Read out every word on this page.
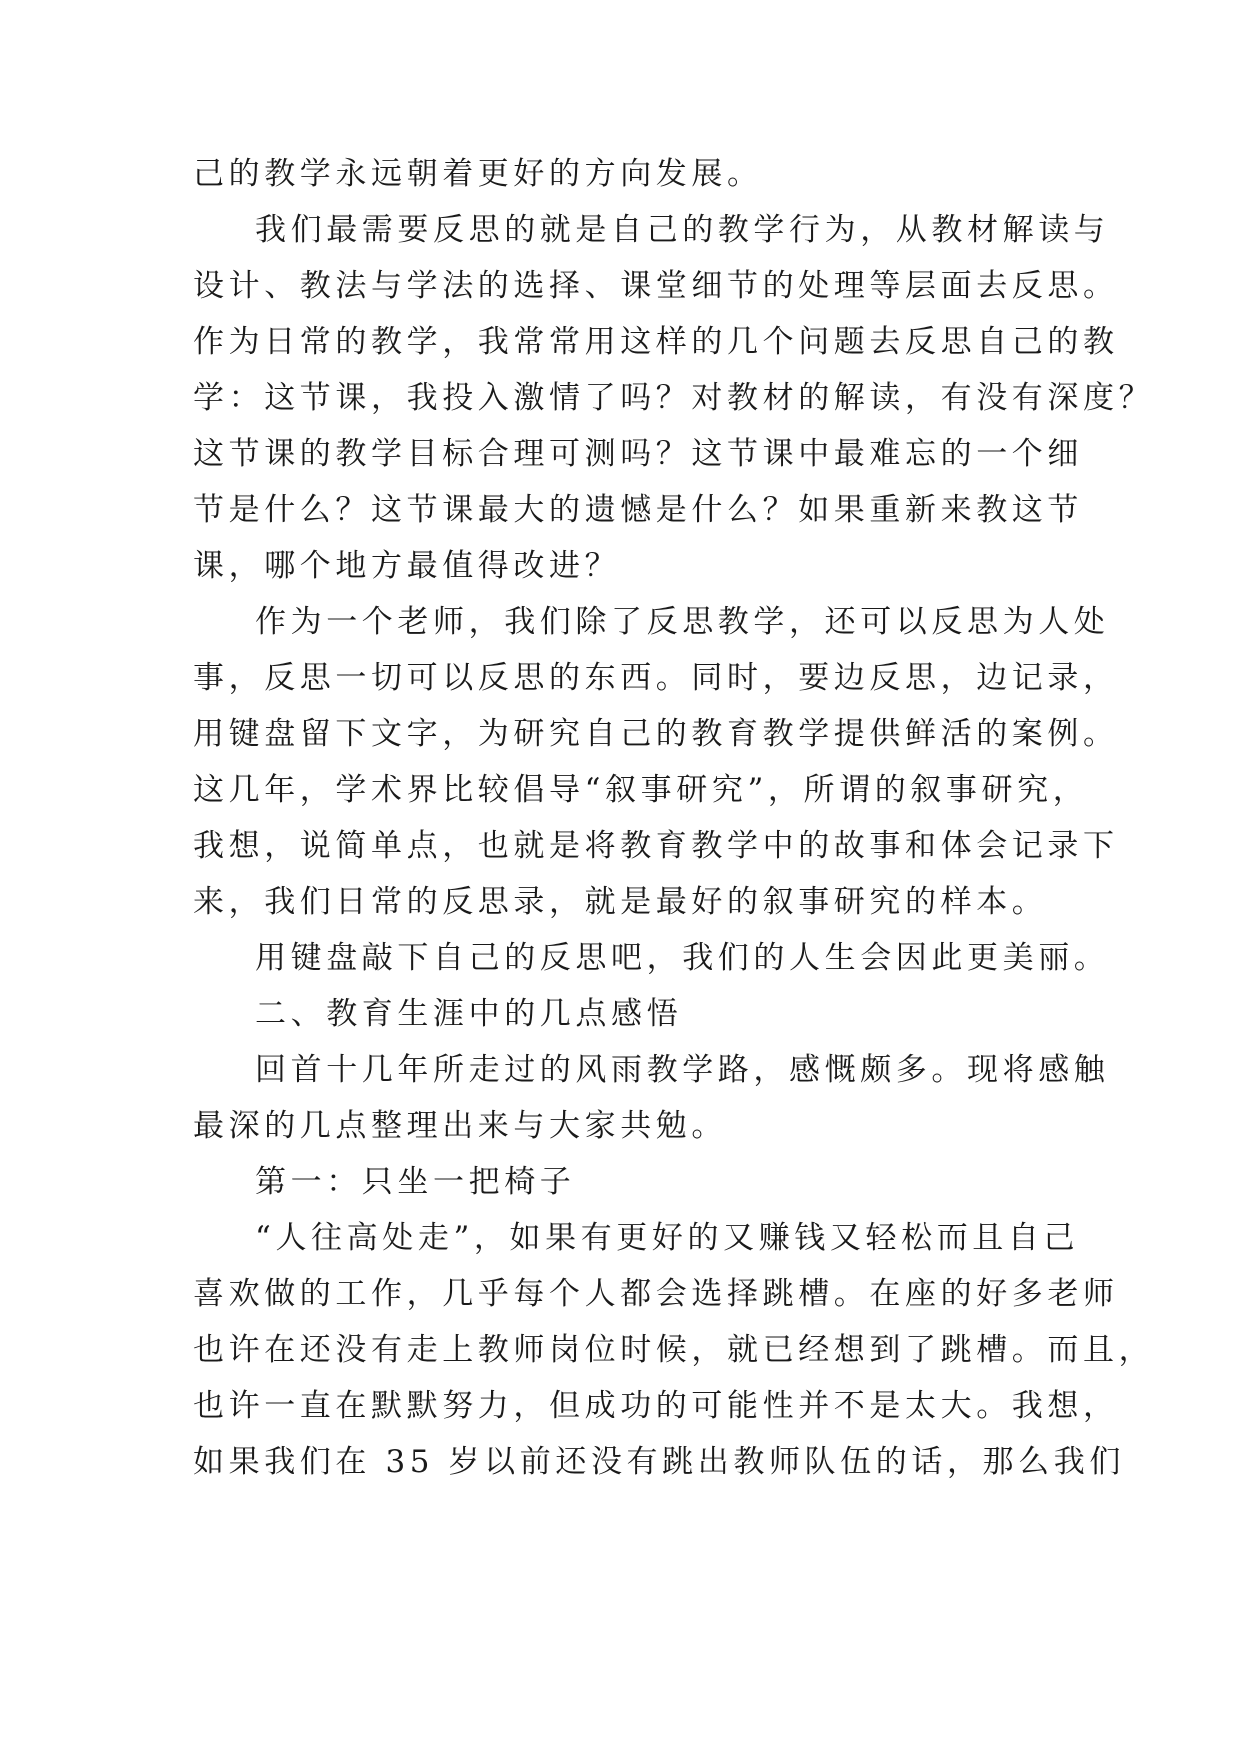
己的教学永远朝着更好的方向发展。
我们最需要反思的就是自己的教学行为，从教材解读与
设计、教法与学法的选择、课堂细节的处理等层面去反思。
作为日常的教学，我常常用这样的几个问题去反思自己的教
学：这节课，我投入激情了吗？对教材的解读，有没有深度？
这节课的教学目标合理可测吗？这节课中最难忘的一个细
节是什么？这节课最大的遗憾是什么？如果重新来教这节
课，哪个地方最值得改进？
作为一个老师，我们除了反思教学，还可以反思为人处
事，反思一切可以反思的东西。同时，要边反思，边记录，
用键盘留下文字，为研究自己的教育教学提供鲜活的案例。
这几年，学术界比较倡导“叙事研究”，所谓的叙事研究，
我想，说简单点，也就是将教育教学中的故事和体会记录下
来，我们日常的反思录，就是最好的叙事研究的样本。
用键盘敲下自己的反思吧，我们的人生会因此更美丽。
二、教育生涯中的几点感悟
回首十几年所走过的风雨教学路，感慨颇多。现将感触
最深的几点整理出来与大家共勉。
第一：只坐一把椅子
“人往高处走”，如果有更好的又赚钱又轻松而且自己
喜欢做的工作，几乎每个人都会选择跳槽。在座的好多老师
也许在还没有走上教师岗位时候，就已经想到了跳槽。而且，
也许一直在默默努力，但成功的可能性并不是太大。我想，
如果我们在 35 岁以前还没有跳出教师队伍的话，那么我们
